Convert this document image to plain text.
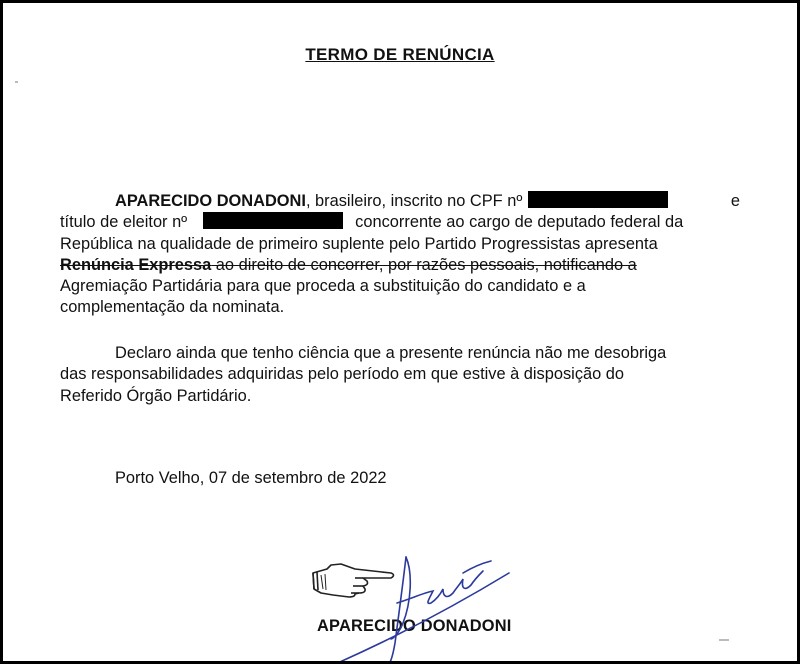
TERMO DE RENÚNCIA
APARECIDO DONADONI, brasileiro, inscrito no CPF nº	e
título de eleitor nº	concorrente ao cargo de deputado federal da
República na qualidade de primeiro suplente pelo Partido Progressistas apresenta
Renúncia Expressa ao direito de concorrer, por razões pessoais, notificando a
Agremiação Partidária para que proceda a substituição do candidato e a
complementação da nominata.
Declaro ainda que tenho ciência que a presente renúncia não me desobriga
das responsabilidades adquiridas pelo período em que estive à disposição do
Referido Órgão Partidário.
Porto Velho, 07 de setembro de 2022
APARECIDO DONADONI
